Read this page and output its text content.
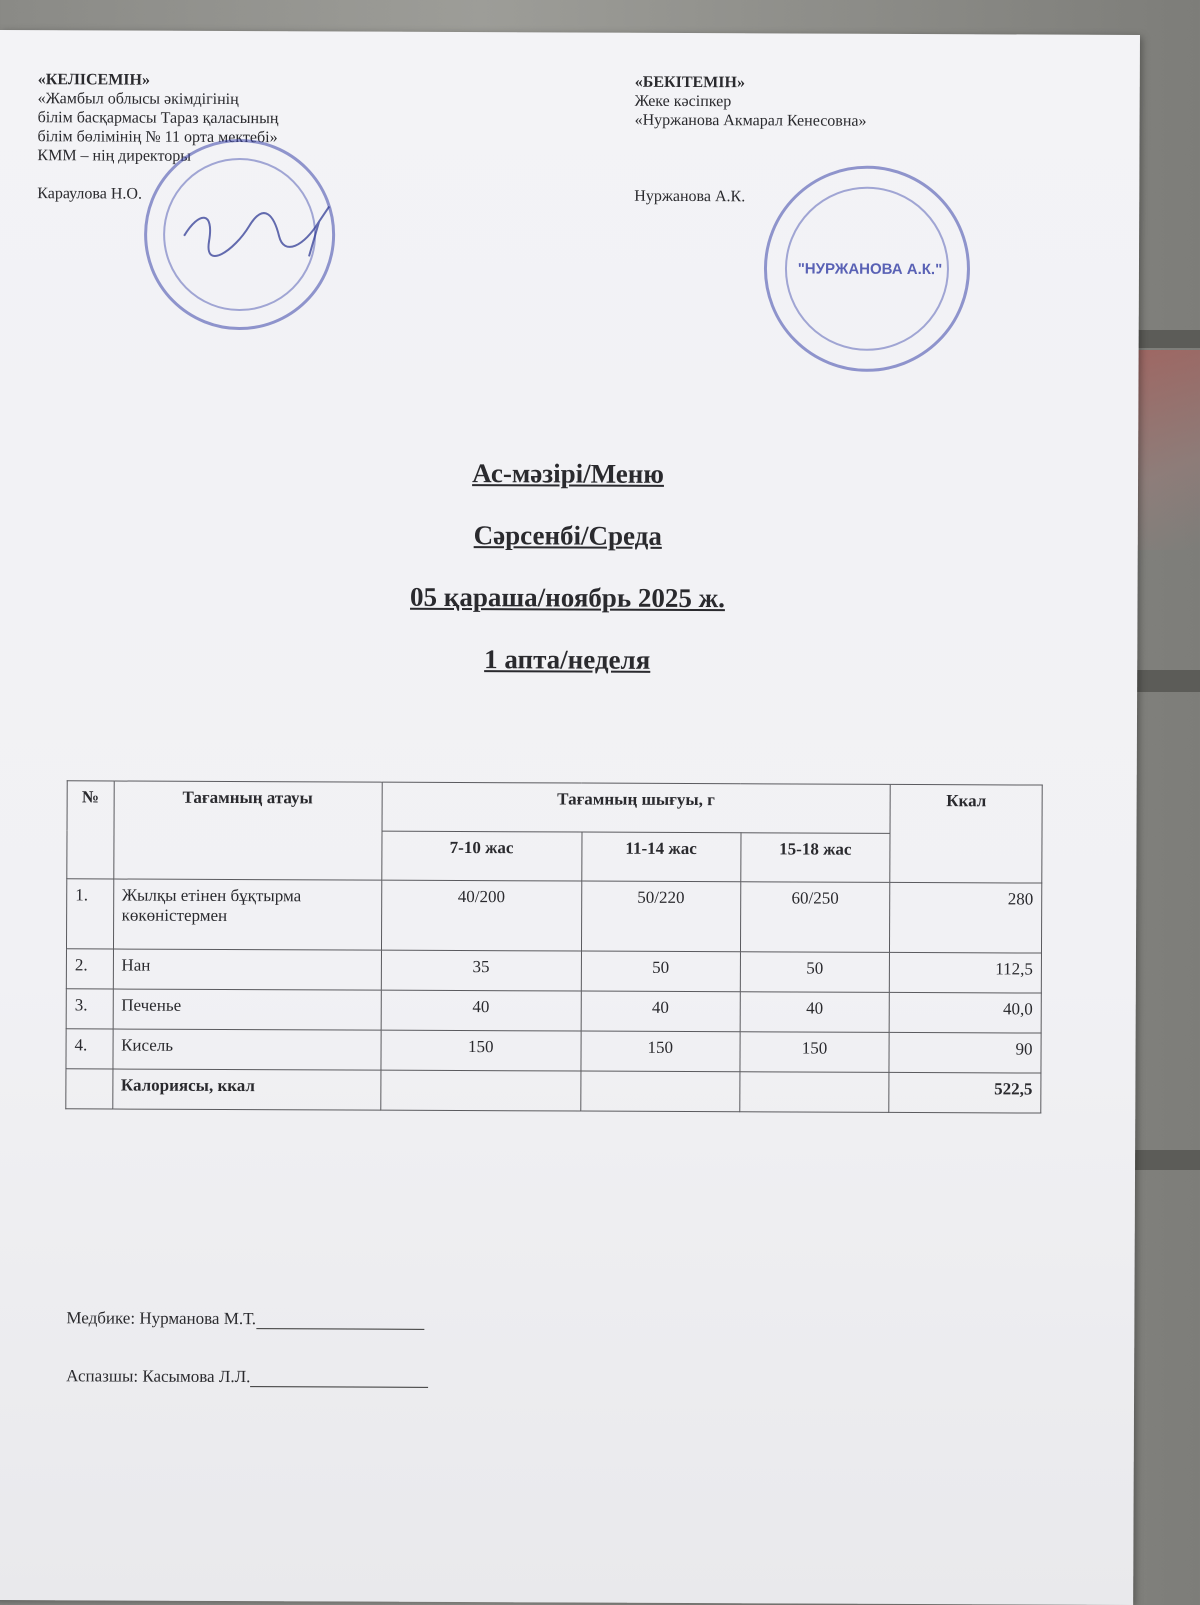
«КЕЛІСЕМІН»
«Жамбыл облысы әкімдігінің
білім басқармасы Тараз қаласының
білім бөлімінің № 11 орта мектебі»
КММ – нің директоры
Караулова Н.О.
«БЕКІТЕМІН»
Жеке кәсіпкер
«Нуржанова Акмарал Кенесовна»
Нуржанова А.К.
"НУРЖАНОВА А.К."
Ас-мәзірі/Меню
Сәрсенбі/Среда
05 қараша/ноябрь 2025 ж.
1 апта/неделя
№	Тағамның атауы	Тағамның шығуы, г			Ккал
		7-10 жас	11-14 жас	15-18 жас	
1.	Жылқы етінен бұқтырма көкөністермен	40/200	50/220	60/250	280
2.	Нан	35	50	50	112,5
3.	Печенье	40	40	40	40,0
4.	Кисель	150	150	150	90
	Калориясы, ккал				522,5
Медбике: Нурманова М.Т.
Аспазшы: Касымова Л.Л.
